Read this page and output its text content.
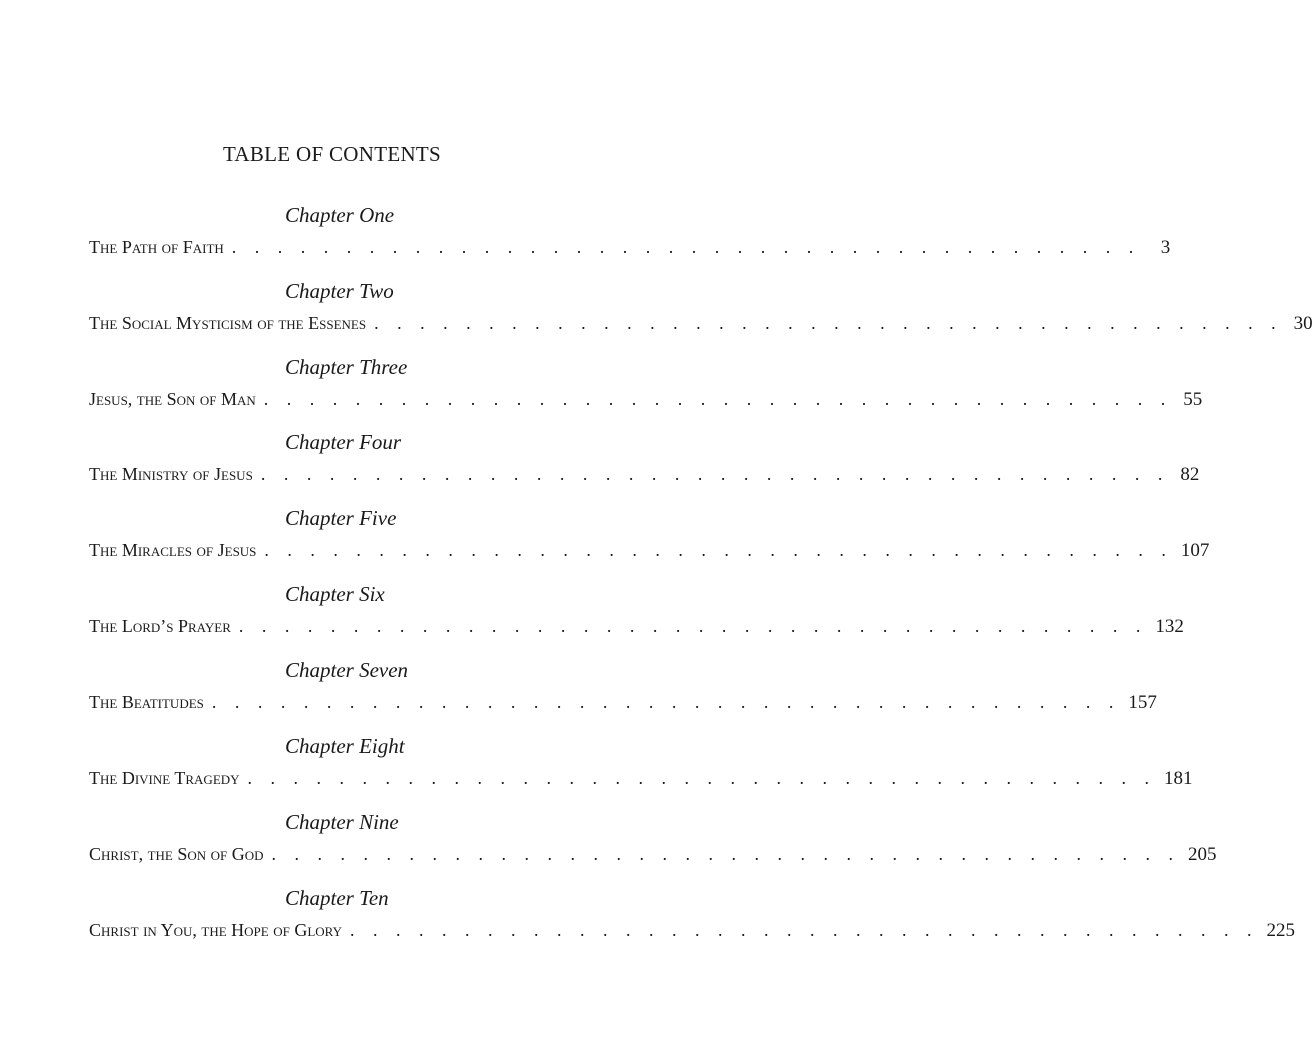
TABLE OF CONTENTS
Chapter One
The Path of Faith . . . . . . . . . . . . . . . . . . . . . . . . . . . . . . . . . . . . . . . .	3
Chapter Two
The Social Mysticism of the Essenes . . . . . . . . . . . . . . . . . . . . . . . . . . . . . . . . . . . . . . . . 30
Chapter Three
Jesus, the Son of Man . . . . . . . . . . . . . . . . . . . . . . . . . . . . . . . . . . . . . . . . 55
Chapter Four
The Ministry of Jesus . . . . . . . . . . . . . . . . . . . . . . . . . . . . . . . . . . . . . . . . 82
Chapter Five
The Miracles of Jesus . . . . . . . . . . . . . . . . . . . . . . . . . . . . . . . . . . . . . . . . 107
Chapter Six
The Lord’s Prayer . . . . . . . . . . . . . . . . . . . . . . . . . . . . . . . . . . . . . . . . 132
Chapter Seven
The Beatitudes . . . . . . . . . . . . . . . . . . . . . . . . . . . . . . . . . . . . . . . . 157
Chapter Eight
The Divine Tragedy . . . . . . . . . . . . . . . . . . . . . . . . . . . . . . . . . . . . . . . . 181
Chapter Nine
Christ, the Son of God . . . . . . . . . . . . . . . . . . . . . . . . . . . . . . . . . . . . . . . . 205
Chapter Ten
Christ in You, the Hope of Glory . . . . . . . . . . . . . . . . . . . . . . . . . . . . . . . . . . . . . . . . 225
